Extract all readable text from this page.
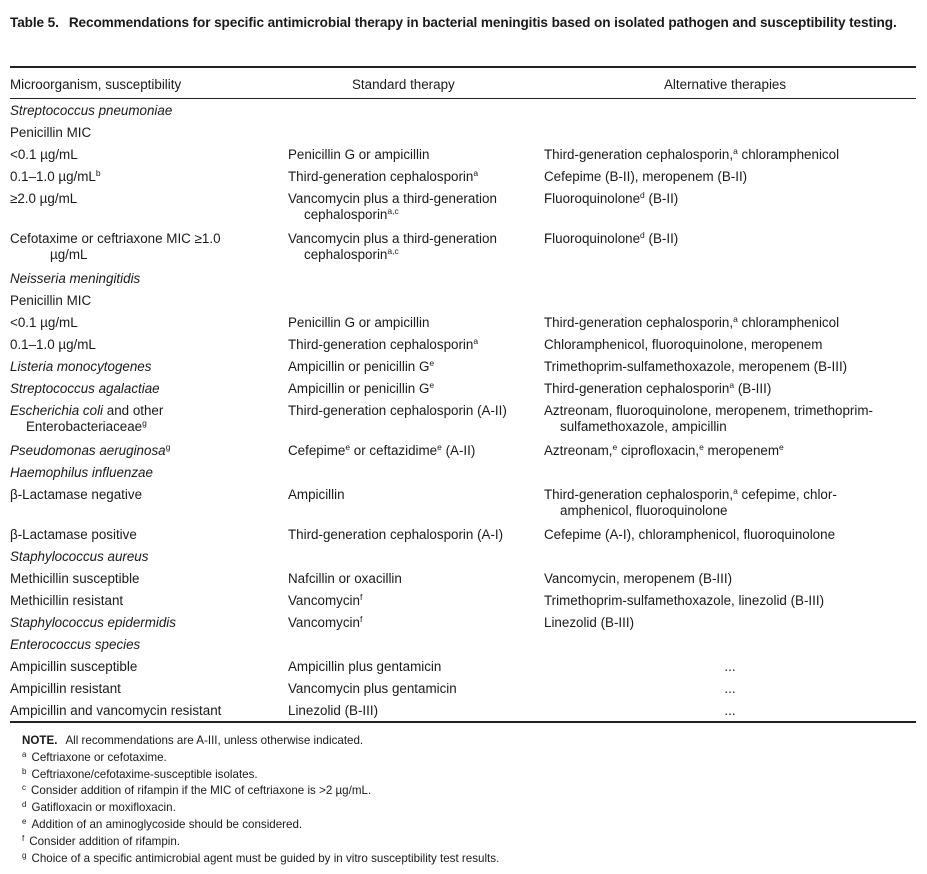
Table 5. Recommendations for specific antimicrobial therapy in bacterial meningitis based on isolated pathogen and susceptibility testing.
Microorganism, susceptibility	Standard therapy	Alternative therapies
Streptococcus pneumoniae		
Penicillin MIC		
<0.1 µg/mL	Penicillin G or ampicillin	Third-generation cephalosporin,$^a$ chloramphenicol
0.1–1.0 $\mu g/mL^b$	Third-generation cephalosporin$^a$	Cefepime (B-II), meropenem (B-II)
≥2.0 µg/mL	Vancomycin plus a third-generation cephalosporin$^{a,c}$	Fluoroquinolone$^d$ (B-II)

Cefotaxime or ceftriaxone MIC ≥1.0 µg/mL	Vancomycin plus a third-generation cephalosporin$^{a,c}$	Fluoroquinolone$^d$ (B-II)
Neisseria meningitidis		
Penicillin MIC		
<0.1 µg/mL	Penicillin G or ampicillin	Third-generation cephalosporin,$^a$ chloramphenicol
0.1–1.0 µg/mL	Third-generation cephalosporin$^a$	Chloramphenicol, fluoroquinolone, meropenem
Listeria monocytogenes	Ampicillin or penicillin $G^e$	Trimethoprim-sulfamethoxazole, meropenem (B-III)
Streptococcus agalactiae	Ampicillin or penicillin $G^e$	Third-generation cephalosporin$^a$ (B-III)

Escherichia coli and other Enterobacteriaceae$^g$	Third-generation cephalosporin (A-II)	Aztreonam, fluoroquinolone, meropenem, trimethoprim-sulfamethoxazole, ampicillin

Pseudomonas aeruginosa$^g$	Cefepime$^e$ or ceftazidime$^e$ (A-II)	Aztreonam,$^e$ ciprofloxacin,$^e$ meropenem$^e$
Haemophilus influenzae		
β-Lactamase negative	Ampicillin	Third-generation cephalosporin,$^a$ cefepime, chlor-amphenicol, fluoroquinolone

β-Lactamase positive	Third-generation cephalosporin (A-I)	Cefepime (A-I), chloramphenicol, fluoroquinolone
Staphylococcus aureus		
Methicillin susceptible	Nafcillin or oxacillin	Vancomycin, meropenem (B-III)
Methicillin resistant	Vancomycin$^f$	Trimethoprim-sulfamethoxazole, linezolid (B-III)
Staphylococcus epidermidis	Vancomycin$^f$	Linezolid (B-III)
Enterococcus species		
Ampicillin susceptible	Ampicillin plus gentamicin	...

Ampicillin resistant	Vancomycin plus gentamicin	...

Ampicillin and vancomycin resistant	Linezolid (B-III)	...
NOTE. All recommendations are A-III, unless otherwise indicated.
$^a$ Ceftriaxone or cefotaxime.
$^b$ Ceftriaxone/cefotaxime-susceptible isolates.
$^c$ Consider addition of rifampin if the MIC of ceftriaxone is >2 µg/mL.
$^d$ Gatifloxacin or moxifloxacin.
$^e$ Addition of an aminoglycoside should be considered.
$^f$ Consider addition of rifampin.
$^g$ Choice of a specific antimicrobial agent must be guided by in vitro susceptibility test results.
